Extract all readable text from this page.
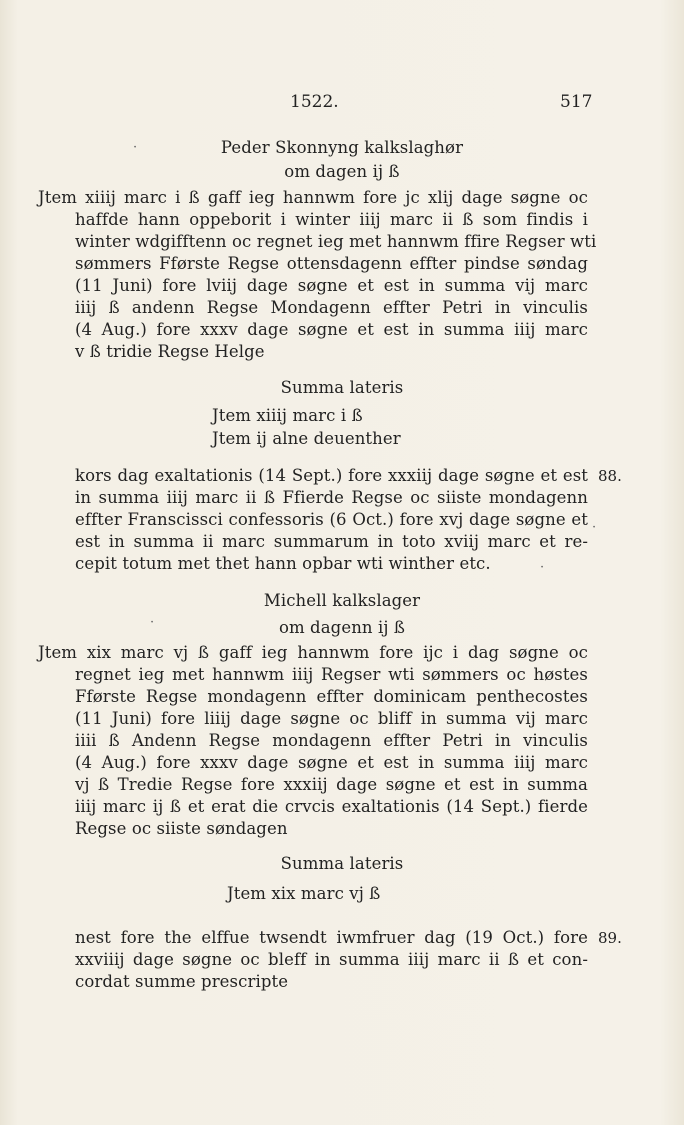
1522.	517
Peder Skonnyng kalkslaghør
om dagen ij ß
Jtem xiiij marc i ß gaff ieg hannwm fore jc xlij dage søgne oc
haffde hann oppeborit i winter iiij marc ii ß som findis i
winter wdgifftenn oc regnet ieg met hannwm ffire Regser wti
sømmers Fførste Regse ottensdagenn effter pindse søndag
(11 Juni) fore lviij dage søgne et est in summa vij marc
iiij ß andenn Regse Mondagenn effter Petri in vinculis
(4 Aug.) fore xxxv dage søgne et est in summa iiij marc
v ß tridie Regse Helge
Summa lateris
Jtem xiiij marc i ß
Jtem ij alne deuenther
kors dag exaltationis (14 Sept.) fore xxxiij dage søgne et est 88.
in summa iiij marc ii ß Ffierde Regse oc siiste mondagenn
effter Franscissci confessoris (6 Oct.) fore xvj dage søgne et
est in summa ii marc summarum in toto xviij marc et re-
cepit totum met thet hann opbar wti winther etc.
Michell kalkslager
om dagenn ij ß
Jtem xix marc vj ß gaff ieg hannwm fore ijc i dag søgne oc
regnet ieg met hannwm iiij Regser wti sømmers oc høstes
Fførste Regse mondagenn effter dominicam penthecostes
(11 Juni) fore liiij dage søgne oc bliff in summa vij marc
iiii ß Andenn Regse mondagenn effter Petri in vinculis
(4 Aug.) fore xxxv dage søgne et est in summa iiij marc
vj ß Tredie Regse fore xxxiij dage søgne et est in summa
iiij marc ij ß et erat die crvcis exaltationis (14 Sept.) fierde
Regse oc siiste søndagen
Summa lateris
Jtem xix marc vj ß
nest fore the elffue twsendt iwmfruer dag (19 Oct.) fore 89.
xxviiij dage søgne oc bleff in summa iiij marc ii ß et con-
cordat summe prescripte
·
·
·
·
